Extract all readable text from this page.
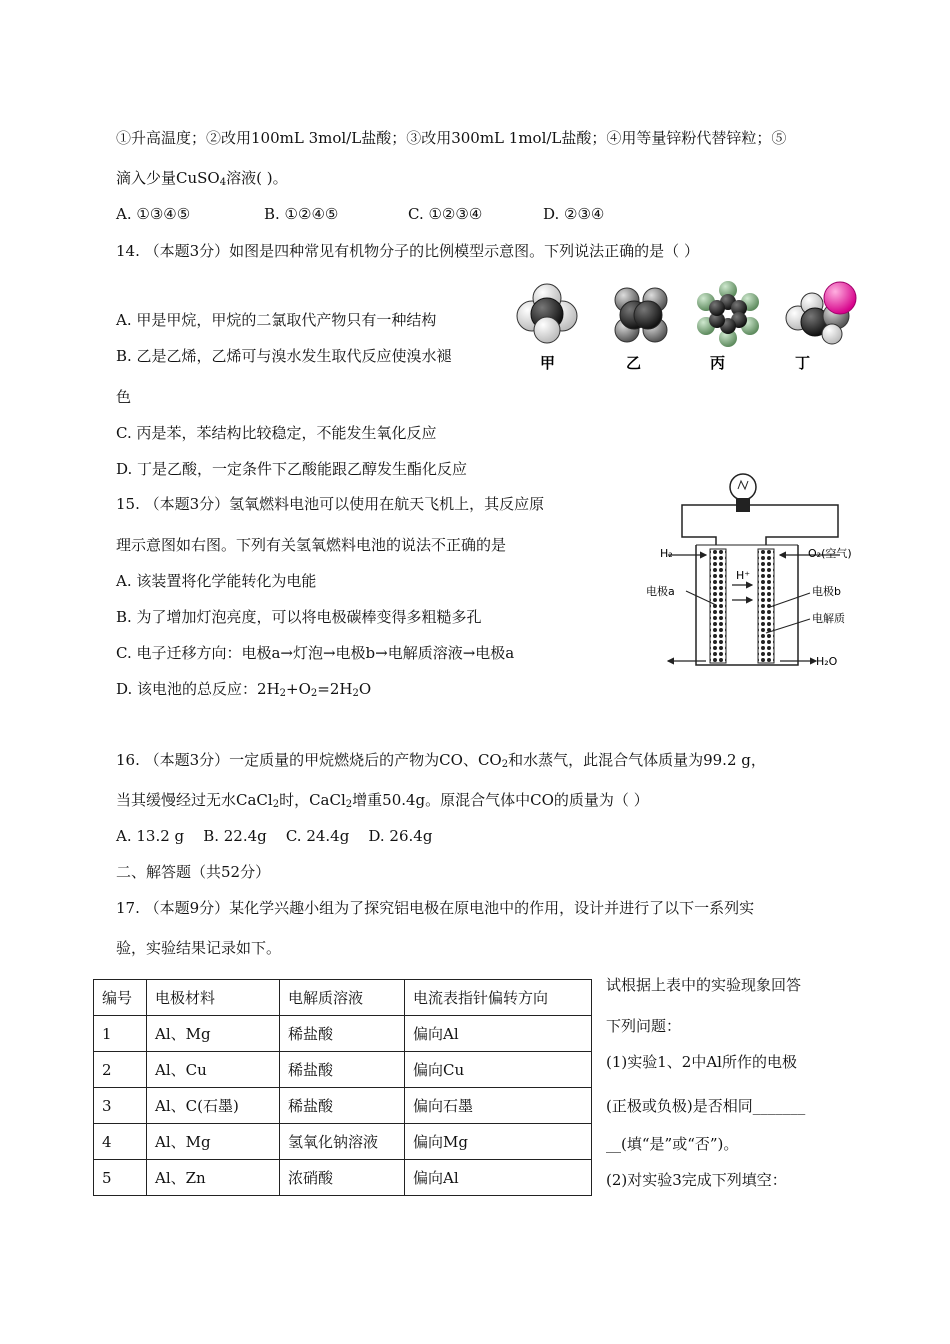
①升高温度；②改用100mL 3mol/L盐酸；③改用300mL 1mol/L盐酸；④用等量锌粉代替锌粒；⑤
滴入少量CuSO$_4$溶液( )。
A. ①③④⑤	B. ①②④⑤	C. ①②③④	D. ②③④
14. （本题3分）如图是四种常见有机物分子的比例模型示意图。下列说法正确的是（ ）
A. 甲是甲烷，甲烷的二氯取代产物只有一种结构
B. 乙是乙烯，乙烯可与溴水发生取代反应使溴水褪
色
C. 丙是苯，苯结构比较稳定，不能发生氧化反应
D. 丁是乙酸，一定条件下乙酸能跟乙醇发生酯化反应
甲	乙	丙	丁
15. （本题3分）氢氧燃料电池可以使用在航天飞机上，其反应原
理示意图如右图。下列有关氢氧燃料电池的说法不正确的是
A. 该装置将化学能转化为电能
B. 为了增加灯泡亮度，可以将电极碳棒变得多粗糙多孔
C. 电子迁移方向：电极a→灯泡→电极b→电解质溶液→电极a
D. 该电池的总反应：$2H_2+O_2=2H_2O$
H⁺
H₂	O₂(空气)
H₂O
电极a	电极b
电解质
16. （本题3分）一定质量的甲烷燃烧后的产物为CO、$CO_2$和水蒸气，此混合气体质量为99.2 g，
当其缓慢经过无水CaCl$_2$时，CaCl$_2$增重50.4g。原混合气体中CO的质量为（ ）
A. 13.2 g    B. 22.4g    C. 24.4g    D. 26.4g
二、解答题（共52分）
17. （本题9分）某化学兴趣小组为了探究铝电极在原电池中的作用，设计并进行了以下一系列实
验，实验结果记录如下。
编号	电极材料	电解质溶液	电流表指针偏转方向
1	Al、Mg	稀盐酸	偏向Al
2	Al、Cu	稀盐酸	偏向Cu
3	Al、C(石墨)	稀盐酸	偏向石墨
4	Al、Mg	氢氧化钠溶液	偏向Mg
5	Al、Zn	浓硝酸	偏向Al
试根据上表中的实验现象回答
下列问题：
(1)实验1、2中Al所作的电极
(正极或负极)是否相同_______
__(填“是”或“否”)。
(2)对实验3完成下列填空：
